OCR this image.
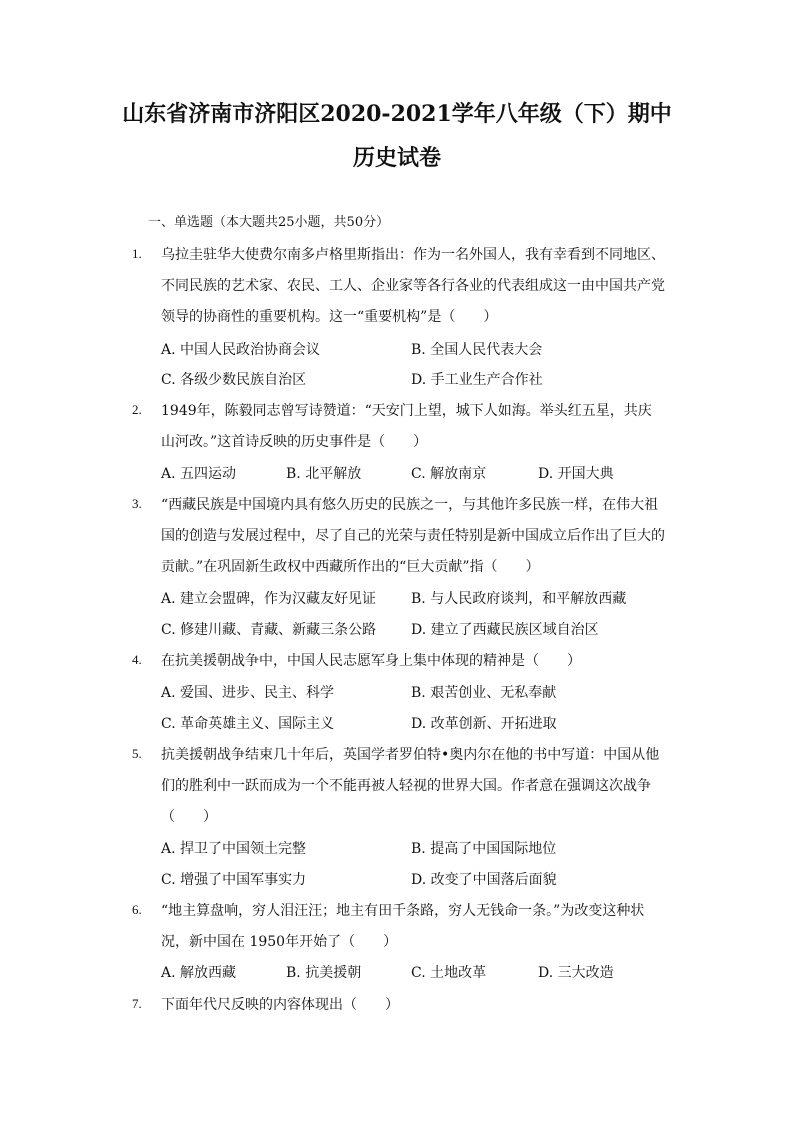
山东省济南市济阳区2020-2021学年八年级（下）期中
历史试卷
一、单选题（本大题共25小题，共50分）
1. 乌拉圭驻华大使费尔南多卢格里斯指出：作为一名外国人，我有幸看到不同地区、
不同民族的艺术家、农民、工人、企业家等各行各业的代表组成这一由中国共产党
领导的协商性的重要机构。这一“重要机构”是（　　）
A. 中国人民政治协商会议	B. 全国人民代表大会
C. 各级少数民族自治区	D. 手工业生产合作社
2. 1949年，陈毅同志曾写诗赞道：“天安门上望，城下人如海。举头红五星，共庆
山河改。”这首诗反映的历史事件是（　　）
A. 五四运动	B. 北平解放	C. 解放南京	D. 开国大典
3. “西藏民族是中国境内具有悠久历史的民族之一，与其他许多民族一样，在伟大祖
国的创造与发展过程中，尽了自己的光荣与责任特别是新中国成立后作出了巨大的
贡献。”在巩固新生政权中西藏所作出的“巨大贡献”指（　　）
A. 建立会盟碑，作为汉藏友好见证 B. 与人民政府谈判，和平解放西藏
C. 修建川藏、青藏、新藏三条公路 D. 建立了西藏民族区域自治区
4. 在抗美援朝战争中，中国人民志愿军身上集中体现的精神是（　　）
A. 爱国、进步、民主、科学	B. 艰苦创业、无私奉献
C. 革命英雄主义、国际主义	D. 改革创新、开拓进取
5. 抗美援朝战争结束几十年后，英国学者罗伯特•奥内尔在他的书中写道：中国从他
们的胜利中一跃而成为一个不能再被人轻视的世界大国。作者意在强调这次战争
（　　）
A. 捍卫了中国领土完整	B. 提高了中国国际地位
C. 增强了中国军事实力	D. 改变了中国落后面貌
6. “地主算盘响，穷人泪汪汪；地主有田千条路，穷人无钱命一条。”为改变这种状
况，新中国在 1950年开始了（　　）
A. 解放西藏	B. 抗美援朝	C. 土地改革	D. 三大改造
7. 下面年代尺反映的内容体现出（　　）
